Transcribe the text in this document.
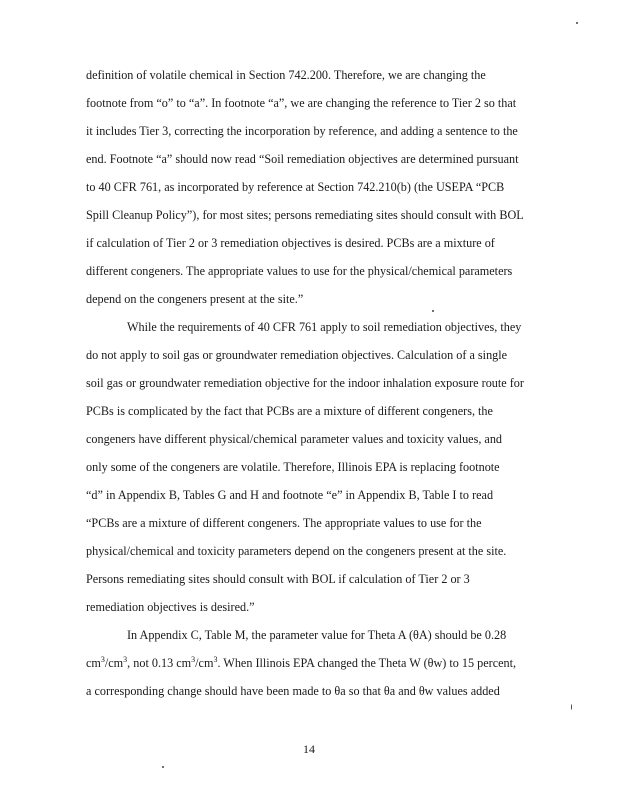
definition of volatile chemical in Section 742.200. Therefore, we are changing the
footnote from “o” to “a”. In footnote “a”, we are changing the reference to Tier 2 so that
it includes Tier 3, correcting the incorporation by reference, and adding a sentence to the
end. Footnote “a” should now read “Soil remediation objectives are determined pursuant
to 40 CFR 761, as incorporated by reference at Section 742.210(b) (the USEPA “PCB
Spill Cleanup Policy”), for most sites; persons remediating sites should consult with BOL
if calculation of Tier 2 or 3 remediation objectives is desired. PCBs are a mixture of
different congeners. The appropriate values to use for the physical/chemical parameters
depend on the congeners present at the site.”
While the requirements of 40 CFR 761 apply to soil remediation objectives, they
do not apply to soil gas or groundwater remediation objectives. Calculation of a single
soil gas or groundwater remediation objective for the indoor inhalation exposure route for
PCBs is complicated by the fact that PCBs are a mixture of different congeners, the
congeners have different physical/chemical parameter values and toxicity values, and
only some of the congeners are volatile. Therefore, Illinois EPA is replacing footnote
“d” in Appendix B, Tables G and H and footnote “e” in Appendix B, Table I to read
“PCBs are a mixture of different congeners. The appropriate values to use for the
physical/chemical and toxicity parameters depend on the congeners present at the site.
Persons remediating sites should consult with BOL if calculation of Tier 2 or 3
remediation objectives is desired.”
In Appendix C, Table M, the parameter value for Theta A (θA) should be 0.28
$cm^3/cm^3$, not 0.13 $cm^3/cm^3$. When Illinois EPA changed the Theta W (θw) to 15 percent,
a corresponding change should have been made to θa so that θa and θw values added
14
